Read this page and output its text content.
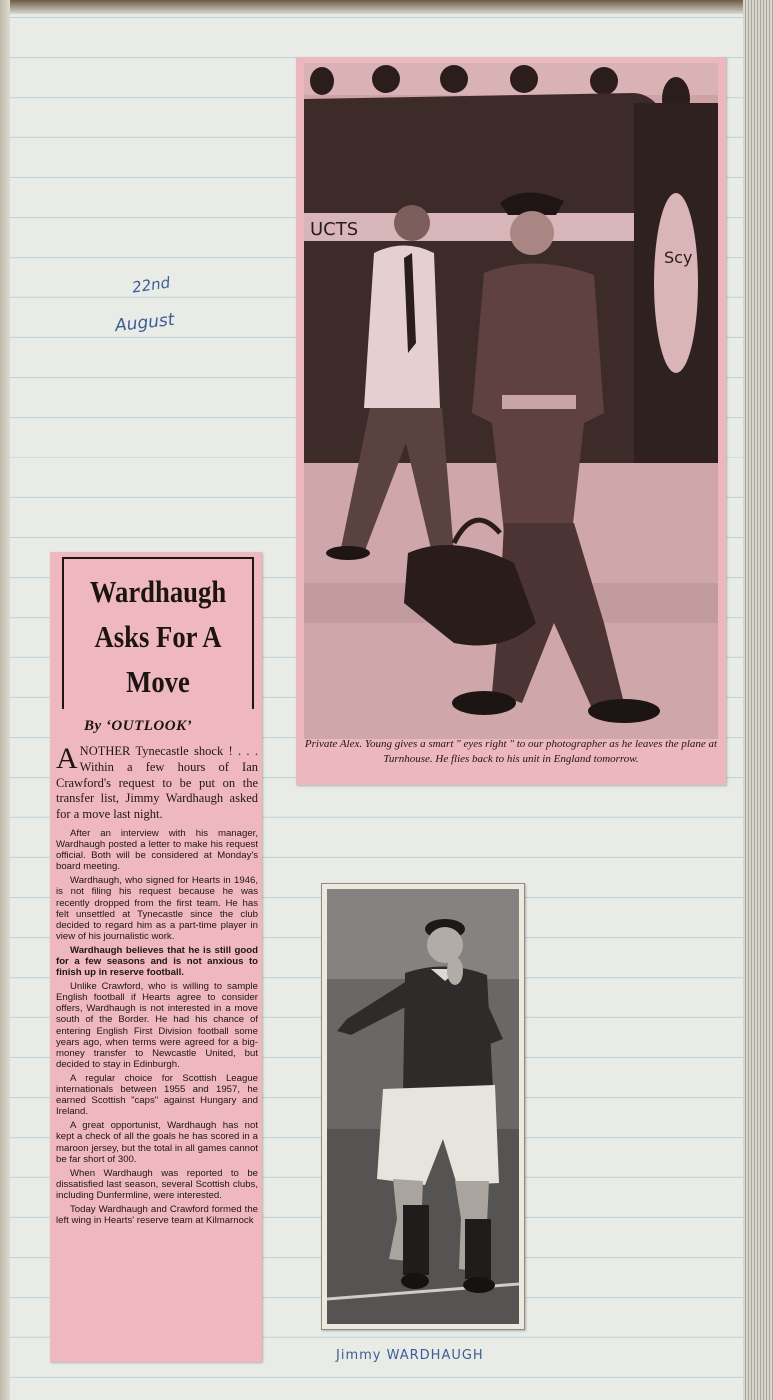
22nd
August
UCTS
Scy

Private Alex. Young gives a smart " eyes right " to our photographer as he leaves the plane at Turnhouse. He flies back to his unit in England tomorrow.

Wardhaugh Asks For A Move
By ‘OUTLOOK’

ANOTHER Tynecastle shock ! . . . Within a few hours of Ian Crawford's request to be put on the transfer list, Jimmy Wardhaugh asked for a move last night.

After an interview with his manager, Wardhaugh posted a letter to make his request official. Both will be considered at Monday's board meeting.

Wardhaugh, who signed for Hearts in 1946, is not filing his request because he was recently dropped from the first team. He has felt unsettled at Tynecastle since the club decided to regard him as a part-time player in view of his journalistic work.

Wardhaugh believes that he is still good for a few seasons and is not anxious to finish up in reserve football.

Unlike Crawford, who is willing to sample English football if Hearts agree to consider offers, Wardhaugh is not interested in a move south of the Border. He had his chance of entering English First Division football some years ago, when terms were agreed for a big-money transfer to Newcastle United, but decided to stay in Edinburgh.

A regular choice for Scottish League internationals between 1955 and 1957, he earned Scottish "caps" against Hungary and Ireland.

A great opportunist, Wardhaugh has not kept a check of all the goals he has scored in a maroon jersey, but the total in all games cannot be far short of 300.

When Wardhaugh was reported to be dissatisfied last season, several Scottish clubs, including Dunfermline, were interested.

Today Wardhaugh and Crawford formed the left wing in Hearts' reserve team at Kilmarnock

Jimmy WARDHAUGH
